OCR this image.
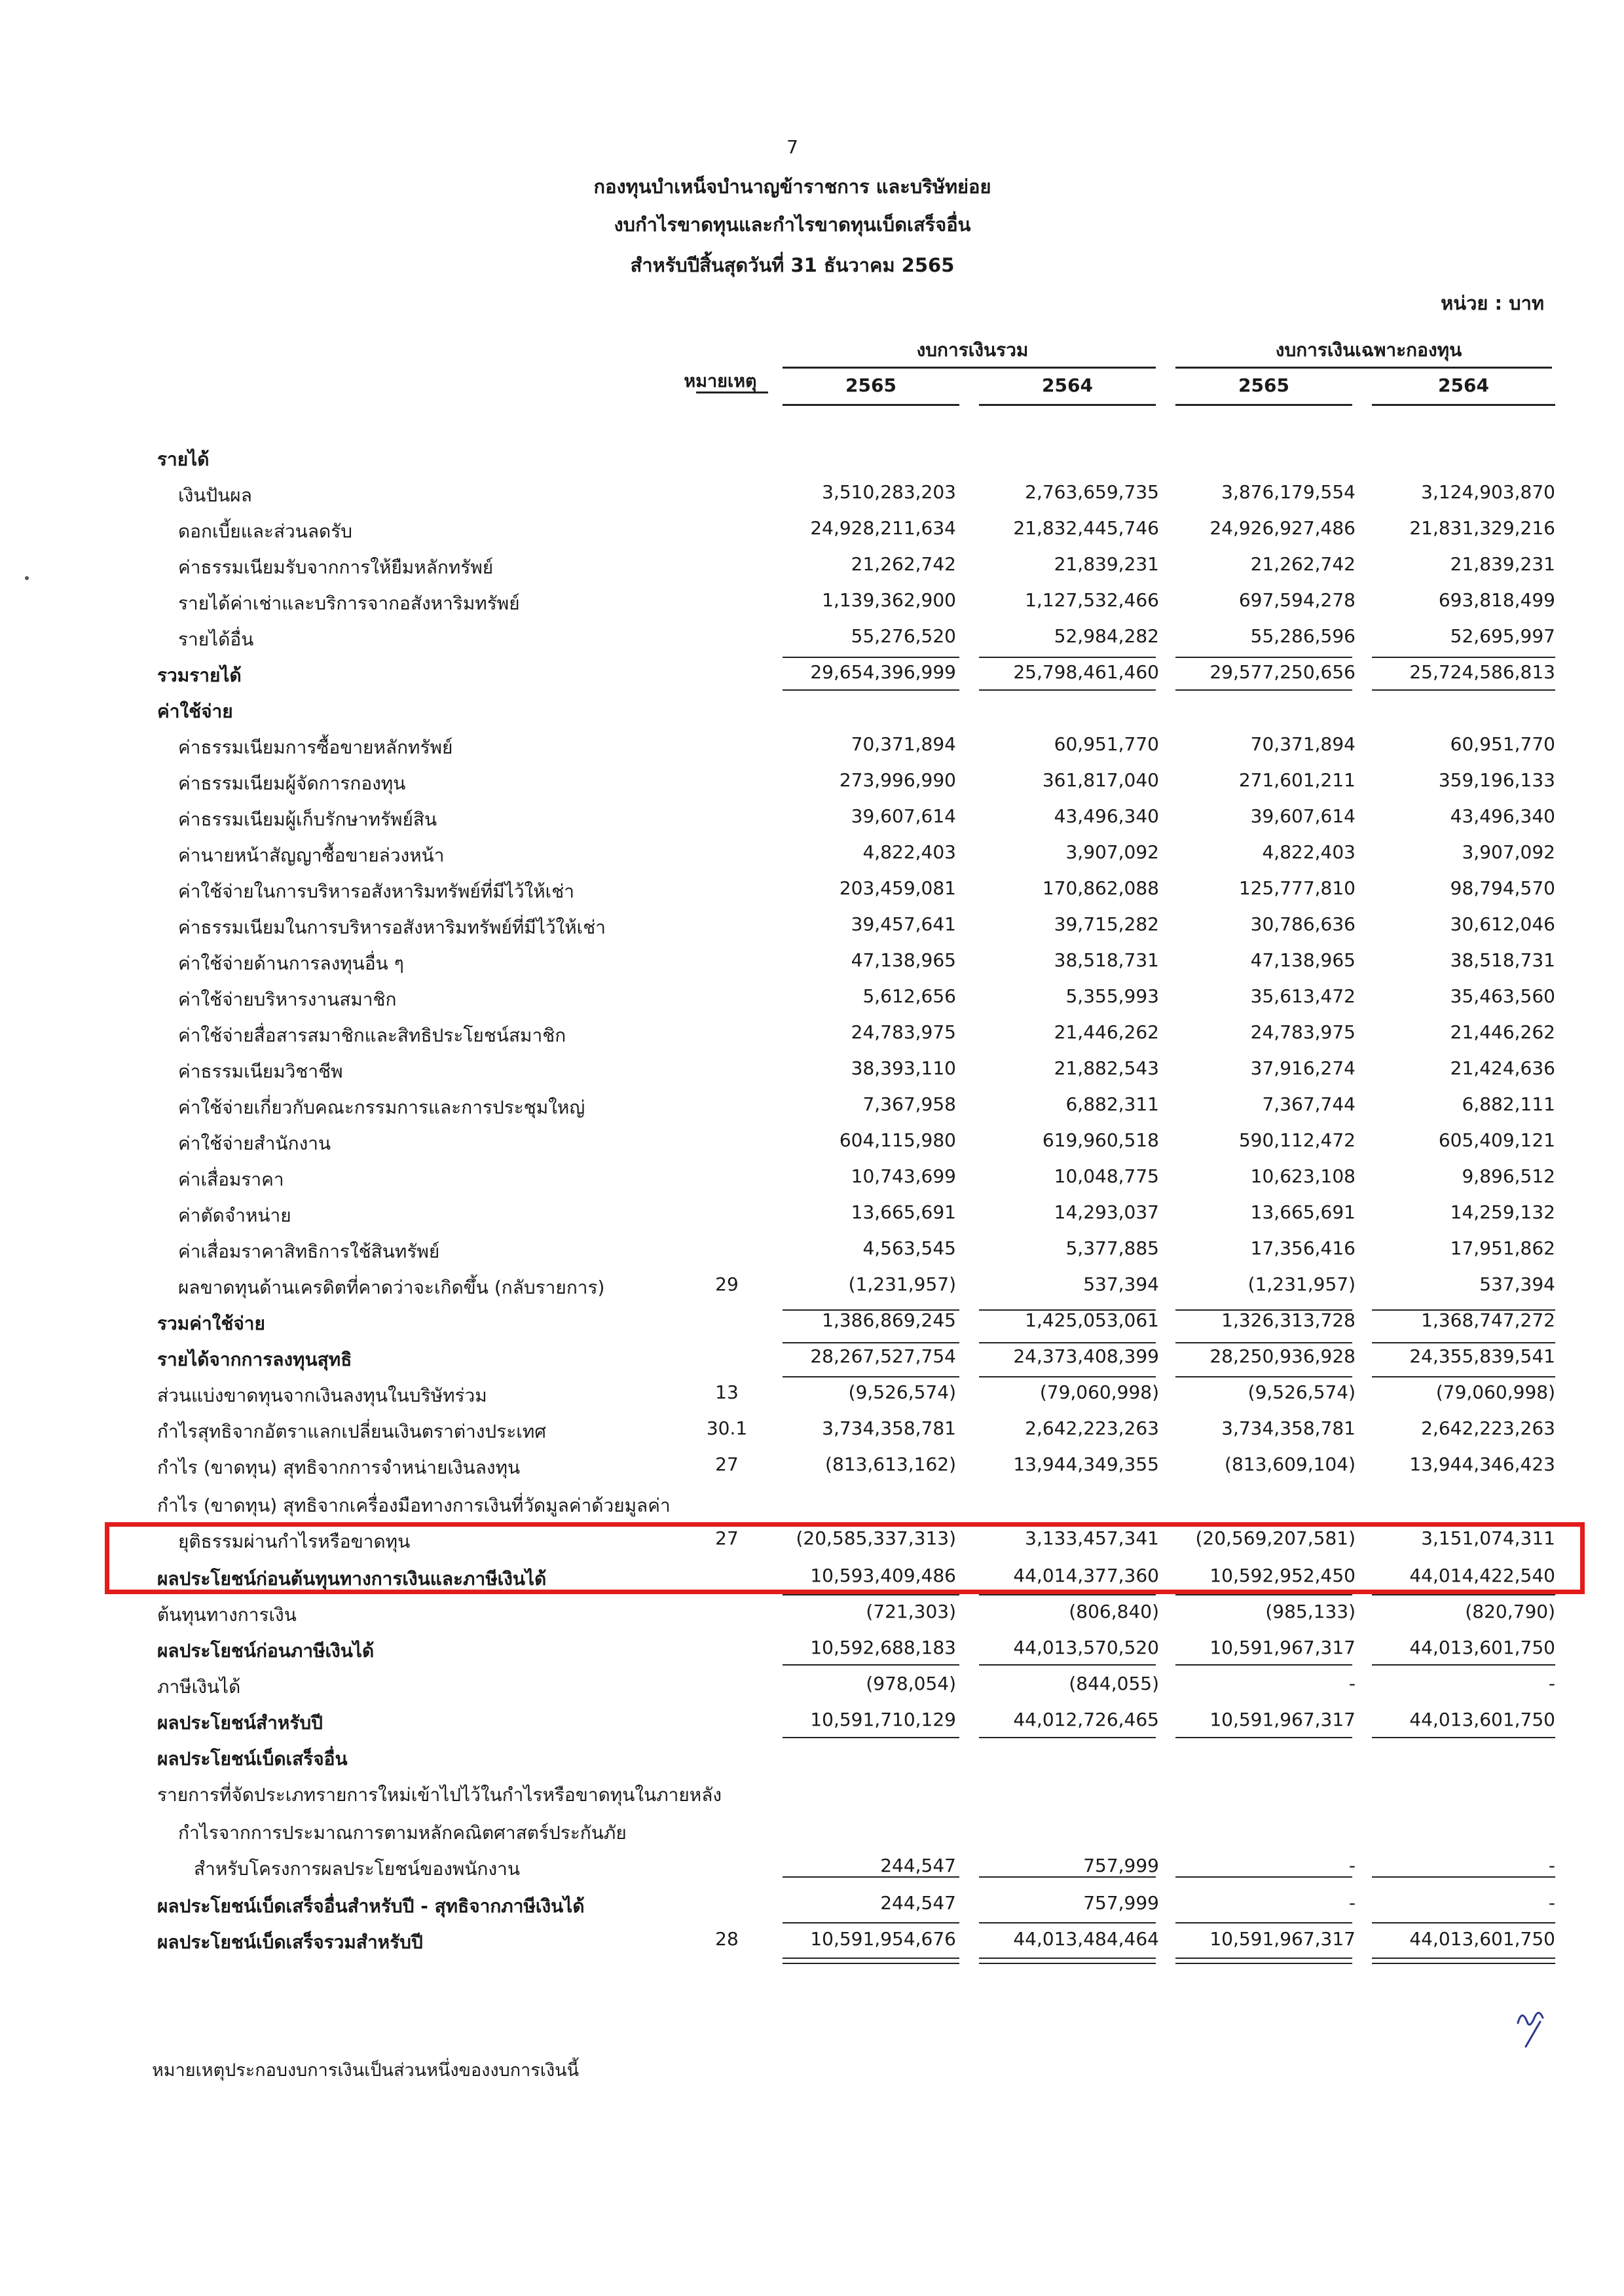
7
กองทุนบำเหน็จบำนาญข้าราชการ และบริษัทย่อย
งบกำไรขาดทุนและกำไรขาดทุนเบ็ดเสร็จอื่น
สำหรับปีสิ้นสุดวันที่ 31 ธันวาคม 2565
หน่วย : บาท
งบการเงินรวม	งบการเงินเฉพาะกองทุน
หมายเหตุ	2565	2564	2565	2564
รายได้
เงินปันผล	3,510,283,203	2,763,659,735	3,876,179,554	3,124,903,870
ดอกเบี้ยและส่วนลดรับ	24,928,211,634	21,832,445,746	24,926,927,486	21,831,329,216
ค่าธรรมเนียมรับจากการให้ยืมหลักทรัพย์	21,262,742	21,839,231	21,262,742	21,839,231
รายได้ค่าเช่าและบริการจากอสังหาริมทรัพย์	1,139,362,900	1,127,532,466	697,594,278	693,818,499
รายได้อื่น	55,276,520	52,984,282	55,286,596	52,695,997
รวมรายได้	29,654,396,999	25,798,461,460	29,577,250,656	25,724,586,813
ค่าใช้จ่าย
ค่าธรรมเนียมการซื้อขายหลักทรัพย์	70,371,894	60,951,770	70,371,894	60,951,770
ค่าธรรมเนียมผู้จัดการกองทุน	273,996,990	361,817,040	271,601,211	359,196,133
ค่าธรรมเนียมผู้เก็บรักษาทรัพย์สิน	39,607,614	43,496,340	39,607,614	43,496,340
ค่านายหน้าสัญญาซื้อขายล่วงหน้า	4,822,403	3,907,092	4,822,403	3,907,092
ค่าใช้จ่ายในการบริหารอสังหาริมทรัพย์ที่มีไว้ให้เช่า	203,459,081	170,862,088	125,777,810	98,794,570
ค่าธรรมเนียมในการบริหารอสังหาริมทรัพย์ที่มีไว้ให้เช่า	39,457,641	39,715,282	30,786,636	30,612,046
ค่าใช้จ่ายด้านการลงทุนอื่น ๆ	47,138,965	38,518,731	47,138,965	38,518,731
ค่าใช้จ่ายบริหารงานสมาชิก	5,612,656	5,355,993	35,613,472	35,463,560
ค่าใช้จ่ายสื่อสารสมาชิกและสิทธิประโยชน์สมาชิก	24,783,975	21,446,262	24,783,975	21,446,262
ค่าธรรมเนียมวิชาชีพ	38,393,110	21,882,543	37,916,274	21,424,636
ค่าใช้จ่ายเกี่ยวกับคณะกรรมการและการประชุมใหญ่	7,367,958	6,882,311	7,367,744	6,882,111
ค่าใช้จ่ายสำนักงาน	604,115,980	619,960,518	590,112,472	605,409,121
ค่าเสื่อมราคา	10,743,699	10,048,775	10,623,108	9,896,512
ค่าตัดจำหน่าย	13,665,691	14,293,037	13,665,691	14,259,132
ค่าเสื่อมราคาสิทธิการใช้สินทรัพย์	4,563,545	5,377,885	17,356,416	17,951,862
ผลขาดทุนด้านเครดิตที่คาดว่าจะเกิดขึ้น (กลับรายการ)	29	(1,231,957)	537,394	(1,231,957)	537,394
รวมค่าใช้จ่าย	1,386,869,245	1,425,053,061	1,326,313,728	1,368,747,272
รายได้จากการลงทุนสุทธิ	28,267,527,754	24,373,408,399	28,250,936,928	24,355,839,541
ส่วนแบ่งขาดทุนจากเงินลงทุนในบริษัทร่วม	13	(9,526,574)	(79,060,998)	(9,526,574)	(79,060,998)
กำไรสุทธิจากอัตราแลกเปลี่ยนเงินตราต่างประเทศ	30.1	3,734,358,781	2,642,223,263	3,734,358,781	2,642,223,263
กำไร (ขาดทุน) สุทธิจากการจำหน่ายเงินลงทุน	27	(813,613,162)	13,944,349,355	(813,609,104)	13,944,346,423
กำไร (ขาดทุน) สุทธิจากเครื่องมือทางการเงินที่วัดมูลค่าด้วยมูลค่า
ยุติธรรมผ่านกำไรหรือขาดทุน	27	(20,585,337,313)	3,133,457,341	(20,569,207,581)	3,151,074,311
ผลประโยชน์ก่อนต้นทุนทางการเงินและภาษีเงินได้	10,593,409,486	44,014,377,360	10,592,952,450	44,014,422,540
ต้นทุนทางการเงิน	(721,303)	(806,840)	(985,133)	(820,790)
ผลประโยชน์ก่อนภาษีเงินได้	10,592,688,183	44,013,570,520	10,591,967,317	44,013,601,750
ภาษีเงินได้	(978,054)	(844,055)	-	-
ผลประโยชน์สำหรับปี	10,591,710,129	44,012,726,465	10,591,967,317	44,013,601,750
ผลประโยชน์เบ็ดเสร็จอื่น
รายการที่จัดประเภทรายการใหม่เข้าไปไว้ในกำไรหรือขาดทุนในภายหลัง
กำไรจากการประมาณการตามหลักคณิตศาสตร์ประกันภัย
สำหรับโครงการผลประโยชน์ของพนักงาน	244,547	757,999	-	-
ผลประโยชน์เบ็ดเสร็จอื่นสำหรับปี - สุทธิจากภาษีเงินได้	244,547	757,999	-	-
ผลประโยชน์เบ็ดเสร็จรวมสำหรับปี	28	10,591,954,676	44,013,484,464	10,591,967,317	44,013,601,750
หมายเหตุประกอบงบการเงินเป็นส่วนหนึ่งของงบการเงินนี้
